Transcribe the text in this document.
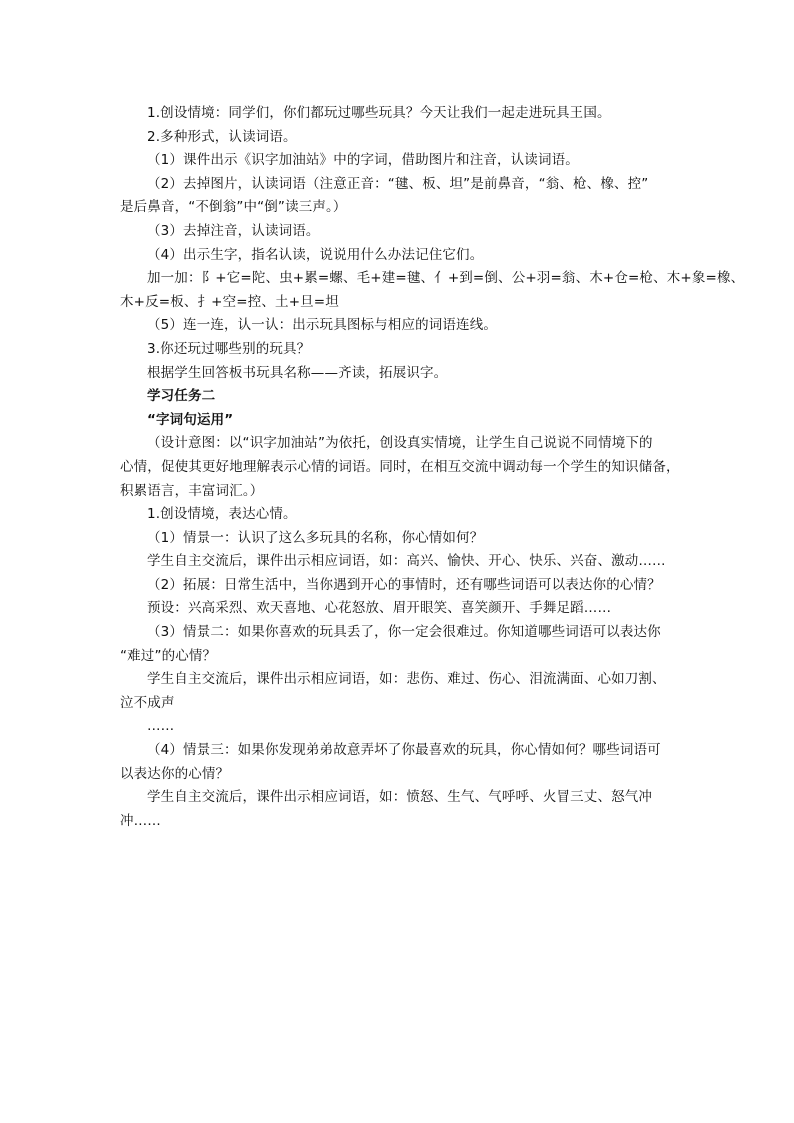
1.创设情境：同学们，你们都玩过哪些玩具？今天让我们一起走进玩具王国。
2.多种形式，认读词语。
（1）课件出示《识字加油站》中的字词，借助图片和注音，认读词语。
（2）去掉图片，认读词语（注意正音：“毽、板、坦”是前鼻音，“翁、枪、橡、控”
是后鼻音，“不倒翁”中“倒”读三声。）
（3）去掉注音，认读词语。
（4）出示生字，指名认读，说说用什么办法记住它们。
加一加：阝+它=陀、虫+累=螺、毛+建=毽、亻+到=倒、公+羽=翁、木+仓=枪、木+象=橡、
木+反=板、扌+空=控、土+旦=坦
（5）连一连，认一认：出示玩具图标与相应的词语连线。
3.你还玩过哪些别的玩具？
根据学生回答板书玩具名称——齐读，拓展识字。
学习任务二
“字词句运用”
（设计意图：以“识字加油站”为依托，创设真实情境，让学生自己说说不同情境下的
心情，促使其更好地理解表示心情的词语。同时，在相互交流中调动每一个学生的知识储备，
积累语言，丰富词汇。）
1.创设情境，表达心情。
（1）情景一：认识了这么多玩具的名称，你心情如何？
学生自主交流后，课件出示相应词语，如：高兴、愉快、开心、快乐、兴奋、激动……
（2）拓展：日常生活中，当你遇到开心的事情时，还有哪些词语可以表达你的心情？
预设：兴高采烈、欢天喜地、心花怒放、眉开眼笑、喜笑颜开、手舞足蹈……
（3）情景二：如果你喜欢的玩具丢了，你一定会很难过。你知道哪些词语可以表达你
“难过”的心情？
学生自主交流后，课件出示相应词语，如：悲伤、难过、伤心、泪流满面、心如刀割、
泣不成声
……
（4）情景三：如果你发现弟弟故意弄坏了你最喜欢的玩具，你心情如何？哪些词语可
以表达你的心情？
学生自主交流后，课件出示相应词语，如：愤怒、生气、气呼呼、火冒三丈、怒气冲
冲……
